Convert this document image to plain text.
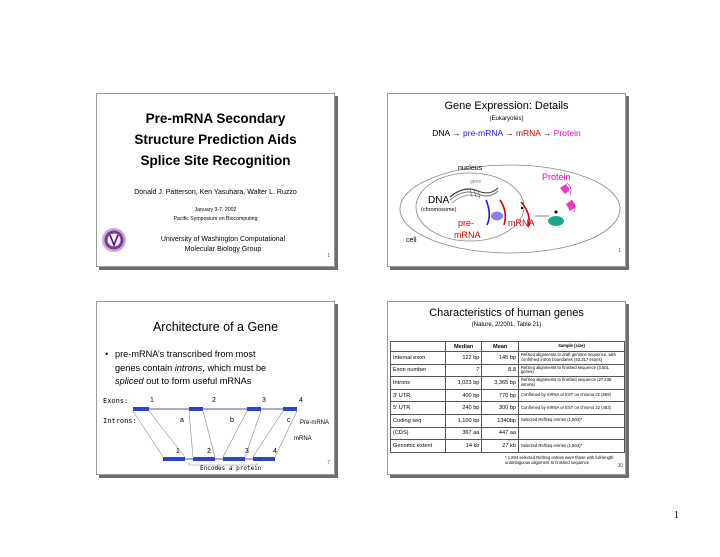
Pre-mRNA Secondary
Structure Prediction Aids
Splice Site Recognition
Donald J. Patterson, Ken Yasuhara, Walter L. Ruzzo
January 3-7, 2002
Pacific Symposium on Biocomputing
University of Washington Computational
Molecular Biology Group
1
Gene Expression: Details
(Eukaryotes)
DNA → pre-mRNA → mRNA → Protein
nucleus
gene	Protein
DNA
(chromosome)
pre-
mRNA
mRNA
cell
1
Architecture of a Gene
• pre-mRNA’s transcribed from most
genes contain introns, which must be
spliced out to form useful mRNAs
Exons:	1	2	3	4
Introns:	a	b	c Pre-mRNA
mRNA
1	2	3	4
Encodes a protein
7
Characteristics of human genes
(Nature, 2/2001, Table 21)
	Median	Mean	Sample (size)
Internal exon	122 bp	145 bp	RefSeq alignments to draft genome sequence, with confirmed intron boundaries (43,317 exons)
Exon number	7	8.8	RefSeq alignments to finished sequence (3,501 genes)
Introns	1,023 bp	3,365 bp	RefSeq alignments to finished sequence (27,238 introns)
3' UTR	400 bp	770 bp	Confirmed by mRNA or EST on chromo 22 (689)
5' UTR	240 bp	300 bp	Confirmed by mRNA or EST on chromo 22 (463)
Coding seq	1,100 bp	1340bp	Selected RefSeq entries (1,804)*
(CDS)	367 aa	447 aa	
Genomic extent	14 kb	27 kb	Selected RefSeq entries (1,804)*
* 1,804 selected RefSeq entries were those with full-length unambiguous alignment to finished sequence
30
1
